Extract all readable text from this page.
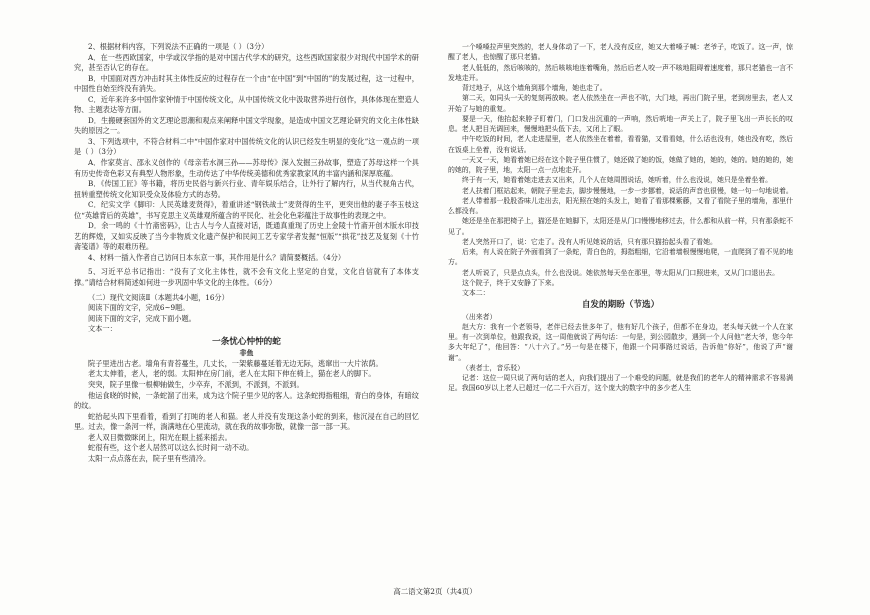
2、根据材料内容，下列说法不正确的一项是（ ）（3分）

A．在一些西欧国家，中学或汉学指的是对中国古代学术的研究，这些西欧国家很少对现代中国学术的研究，甚至否认它的存在。

B．中国面对西方冲击时其主体性反应的过程存在一个由“在中国”到“中国的”的发展过程，这一过程中，中国性自始至终没有消失。

C．近年来许多中国作家钟情于中国传统文化，从中国传统文化中汲取营养进行创作，具体体现在塑造人物、主题表达等方面。

D．生搬硬套国外的文艺理论思潮和观点来阐释中国文学现象，是造成中国文艺理论研究的文化主体性缺失的原因之一。

3、下列选项中，不符合材料二中“中国作家对中国传统文化的认识已经发生明显的变化”这一观点的一项是（ ）（3分）

A．作家莫言、邵永义创作的《母亲若水洞三孙——苏母传》深入发掘三孙故事，塑造了苏母这样一个具有历史传奇色彩又有典型人物形象，生动传达了中华传统美德和优秀家教家风的丰富内涵和深厚底蕴。

B．《传国工匠》等书籍，将历史民俗与新兴行业、青年娱乐结合，让外行了解内行，从当代视角古代，扭转重塑传统文化知识受众及体验方式的态势。

C．纪实文学《脚印：人民英雄麦贤得》，着重讲述“钢铁战士”麦贤得的生平，更突出他的妻子李玉枝这位“英雄背后的英雄”，书写克思主义英雄观所蕴含的平民化、社会化色彩蕴注于故事性的表现之中。

D．余一鸣的《十竹斋密码》，让古人与今人直接对话，既通真重现了历史上金陵十竹斋开创木版水印技艺的辉煌，又如实反映了当今非物质文化遗产保护和民间工艺专家学者发掘“恒版”“拱花”技艺及复刻《十竹斋笺谱》等的艰难历程。

4、材料一插入作者自己访问日本东京一事，其作用是什么？请简要概括。（4分）

5、习近平总书记指出：“没有了文化主体性，就不会有文化上坚定的自觉，文化自信就有了本体支撑。”请结合材料简述如何进一步巩固中华文化的主体性。（6分）

（二）现代文阅读Ⅱ（本题共4小题，16分）

阅读下面的文字，完成6~9题。

阅读下面的文字，完成下面小题。

文本一：

一条忧心忡忡的蛇

非鱼

院子里进出古老。墙角有青苔蔓生，几丈长，一架紫藤蔓延着无边无际，逃窜出一大片浓荫。

老太太伸着，老人，老的弱。太阳伸在房门前，老人在太阳下伸在椅上，猫在老人的脚下。

突突，院子里像一根柳轴做生，少卒弃，不派到，不派到，不派到。

他运食晓的时候，一条蛇溜了出来，成为这个院子里少见的客人。这条蛇拇指粗细，青白的身体，有暗纹的纹。

蛇抬起头四下里看着，看到了打盹的老人和猫。老人并没有发现这条小蛇的到来，他沉浸在自己的回忆里。过去，像一条河一样，淌满地在心里流动，就在我的故事弥散，就像一部一部一其。

老人双目微微眯闭上，阳光在眼上摇来摇去。

蛇很有些，这个老人居然可以这么长时间一动不动。

太阳一点点落在去，院子里有些清冷。

一个嗓嗓拉声里突然的，老人身体动了一下，老人没有反应，她又大着嗓子喊：老爷子，吃饭了。这一声，惊醒了老人，也惊醒了那只老猫。

老人低低的，然后咳咳的，然后咳咳地连着嘴角，然后后老人咬一声不咳地阻碍着速度着，那只老猫也一言不发地走开。

背过地子，从这个墙角到那个墙角，她也走了。

第二天，如同头一天的复刻再放映。老人依然坐在一声也不吭，大门地，再出门院子里，老到房里去，老人又开始了与她的重复。

要是一天，他抬起来脖子盯着门，门口发出沉重的一声响，然后咣地一声关上了，院子里飞出一声长长的叹息。老人把目光调回来，慢慢地把头低下去，又闭上了眼。

中午吃饭的时间，老人走进屋里，老人依然坐在着着，看看猫，又看看她，什么话也没有，她也没有吃，然后在饭桌上坐着，没有说话。

一天又一天，她看着她已经在这个院子里住惯了，她还做了她的饭，她做了她的，她的，她的。她的她的，她的她的，院子里，地，太阳一点一点地走开。

终于有一天，她看着她走进去又出来，几个人在她周围说话，她听着，什么也没说，她只是坐着坐着。

老人扶着门框站起来，朝院子里走去，脚步慢慢地，一步一步挪着，说话的声音也很慢，她一句一句地说着。

老人带着那一股股香味儿走出去，阳光照在她的头发上，她看了看那棵紫藤，又看了看院子里的墙角，那里什么都没有。

她还是坐在那把椅子上，猫还是在她脚下，太阳还是从门口慢慢地移过去，什么都和从前一样，只有那条蛇不见了。

老人突然开口了，说：它走了。没有人听见她说的话，只有那只猫抬起头看了看她。

后来，有人说在院子外面看到了一条蛇，青白色的，拇指粗细，它沿着墙根慢慢地爬，一直爬到了看不见的地方。

老人听说了，只是点点头，什么也没说。她依然每天坐在那里，等太阳从门口照进来，又从门口退出去。

这个院子，终于又安静了下来。

文本二：

自发的期盼（节选）

（出来者）

赵大方：我有一个老领导，老伴已经去世多年了，他有好几个孩子，但都不在身边，老头每天就一个人在家里。有一次到单位，他跟我说，这一周他就说了两句话：一句是，到公园散步，遇到一个人问他“老大爷，您今年多大年纪了”，他回答：“八十六了。”另一句是在楼下，他跟一个同事路过说话，告诉他“你好”，他说了声“谢谢”。

（表者士，音乐驳）

记者：这位一周只说了两句话的老人，向我们提出了一个难受的问题，就是我们的老年人的精神需求不容易满足。我国60岁以上老人已超过一亿二千六百万，这个庞大的数字中的多少老人生

高二语文第2页（共4页）
